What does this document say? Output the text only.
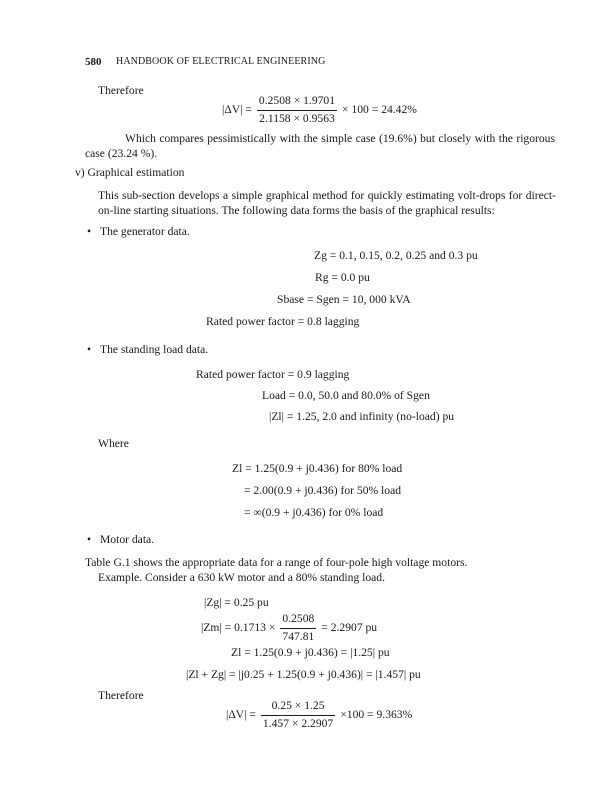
580 HANDBOOK OF ELECTRICAL ENGINEERING
Therefore
$|\Delta V| = \frac{0.2508 \times 1.9701}{2.1158 \times 0.9563} \times 100 = 24.42\%$
Which compares pessimistically with the simple case (19.6%) but closely with the rigorous case (23.24 %).
v) Graphical estimation
This sub-section develops a simple graphical method for quickly estimating volt-drops for direct-on-line starting situations. The following data forms the basis of the graphical results:
• The generator data.
Zg = 0.1, 0.15, 0.2, 0.25 and 0.3 pu
Rg = 0.0 pu
Sbase = Sgen = 10, 000 kVA
Rated power factor = 0.8 lagging
• The standing load data.
Rated power factor = 0.9 lagging
Load = 0.0, 50.0 and 80.0% of Sgen
|Zl| = 1.25, 2.0 and infinity (no-load) pu
Where
Zl = 1.25(0.9 + j0.436) for 80% load
= 2.00(0.9 + j0.436) for 50% load
= ∞(0.9 + j0.436) for 0% load
• Motor data.
Table G.1 shows the appropriate data for a range of four-pole high voltage motors.
Example. Consider a 630 kW motor and a 80% standing load.
|Zg| = 0.25 pu
$|Zm| = 0.1713 \times \frac{0.2508}{747.81} = 2.2907$ pu
Zl = 1.25(0.9 + j0.436) = |1.25| pu
|Zl + Zg| = |j0.25 + 1.25(0.9 + j0.436)| = |1.457| pu
Therefore
$|\Delta V| = \frac{0.25 \times 1.25}{1.457 \times 2.2907} \times 100 = 9.363\%$
